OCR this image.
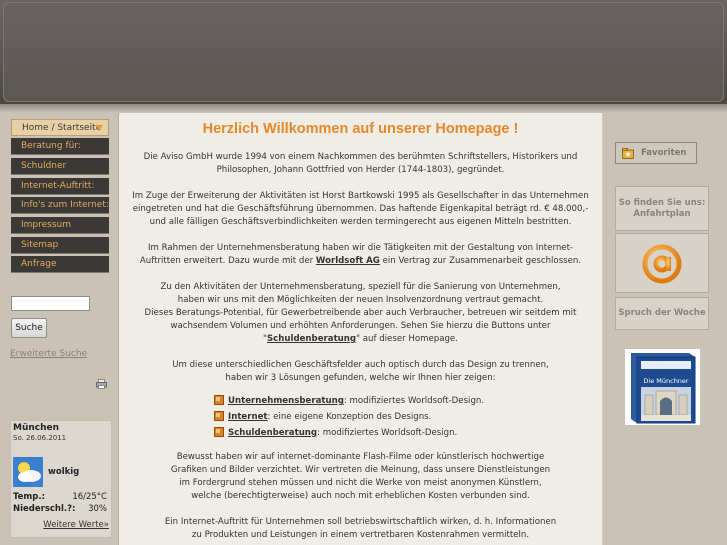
Home / Startseite
Beratung für:
Schuldner
Internet-Auftritt:
Info's zum Internet:
Impressum
Sitemap
Anfrage
Suche
Erweiterte Suche
München
So. 26.06.2011
wolkig
Temp.:	16/25°C
Niederschl.?: 30%
Weitere Werte»
Herzlich Willkommen auf unserer Homepage !
Die Aviso GmbH wurde 1994 von einem Nachkommen des berühmten Schriftstellers, Historikers und
Philosophen, Johann Gottfried von Herder (1744-1803), gegründet.
Im Zuge der Erweiterung der Aktivitäten ist Horst Bartkowski 1995 als Gesellschafter in das Unternehmen
eingetreten und hat die Geschäftsführung übernommen. Das haftende Eigenkapital beträgt rd. € 48.000,-
und alle fälligen Geschäftsverbindlichkeiten werden termingerecht aus eigenen Mitteln bestritten.
Im Rahmen der Unternehmensberatung haben wir die Tätigkeiten mit der Gestaltung von Internet-
Auftritten erweitert. Dazu wurde mit der Worldsoft AG ein Vertrag zur Zusammenarbeit geschlossen.
Zu den Aktivitäten der Unternehmensberatung, speziell für die Sanierung von Unternehmen,
haben wir uns mit den Möglichkeiten der neuen Insolvenzordnung vertraut gemacht.
Dieses Beratungs-Potential, für Gewerbetreibende aber auch Verbraucher, betreuen wir seitdem mit
wachsendem Volumen und erhöhten Anforderungen. Sehen Sie hierzu die Buttons unter
"Schuldenberatung" auf dieser Homepage.
Um diese unterschiedlichen Geschäftsfelder auch optisch durch das Design zu trennen,
haben wir 3 Lösungen gefunden, welche wir Ihnen hier zeigen:
Unternehmensberatung: modifiziertes Worldsoft-Design.
Internet: eine eigene Konzeption des Designs.
Schuldenberatung: modifiziertes Worldsoft-Design.
Bewusst haben wir auf internet-dominante Flash-Filme oder künstlerisch hochwertige
Grafiken und Bilder verzichtet. Wir vertreten die Meinung, dass unsere Dienstleistungen
im Fordergrund stehen müssen und nicht die Werke von meist anonymen Künstlern,
welche (berechtigterweise) auch noch mit erheblichen Kosten verbunden sind.
Ein Internet-Auftritt für Unternehmen soll betriebswirtschaftlich wirken, d. h. Informationen
zu Produkten und Leistungen in einem vertretbaren Kostenrahmen vermitteln.
Favoriten
So finden Sie uns:
Anfahrtplan
Spruch der Woche
Die Münchner
